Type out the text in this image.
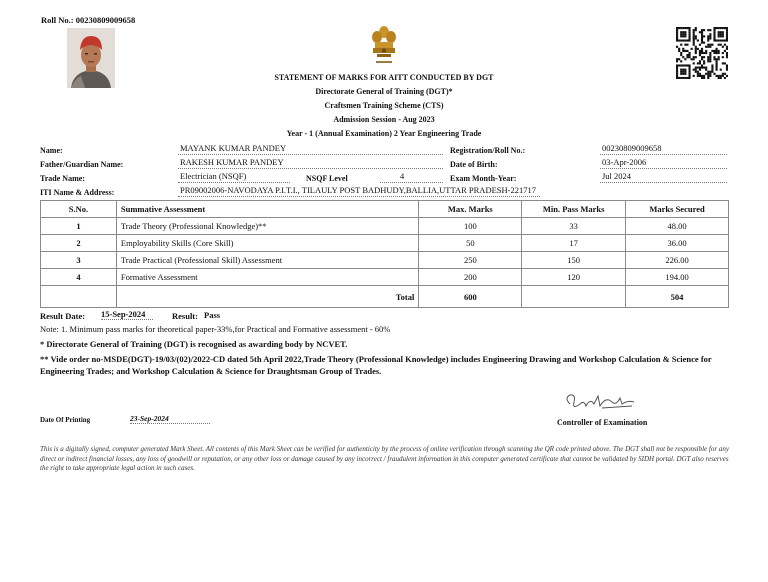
Roll No.: 00230809009658
STATEMENT OF MARKS FOR AITT CONDUCTED BY DGT
Directorate General of Training (DGT)*
Craftsmen Training Scheme (CTS)
Admission Session - Aug 2023
Year - 1 (Annual Examination) 2 Year Engineering Trade
Name:	MAYANK KUMAR PANDEY
Father/Guardian Name:	RAKESH KUMAR PANDEY
Trade Name:	Electrician (NSQF)	NSQF Level	4
ITI Name & Address:	PR09002006-NAVODAYA P.I.T.I., TILAULY POST BADHUDY,BALLIA,UTTAR PRADESH-221717
Registration/Roll No.:	00230809009658
Date of Birth:	03-Apr-2006
Exam Month-Year:	Jul 2024
S.No.	Summative Assessment	Max. Marks	Min. Pass Marks	Marks Secured
1	Trade Theory (Professional Knowledge)**	100	33	48.00
2	Employability Skills (Core Skill)	50	17	36.00
3	Trade Practical (Professional Skill) Assessment	250	150	226.00
4	Formative Assessment	200	120	194.00
	Total	600		504
Result Date: 15-Sep-2024	Result: Pass
Note: 1. Minimum pass marks for theoretical paper-33%,for Practical and Formative assessment - 60%
* Directorate General of Training (DGT) is recognised as awarding body by NCVET.
** Vide order no-MSDE(DGT)-19/03/(02)/2022-CD dated 5th April 2022,Trade Theory (Professional Knowledge) includes Engineering Drawing and Workshop Calculation & Science for Engineering Trades; and Workshop Calculation & Science for Draughtsman Group of Trades.
Date Of Printing	23-Sep-2024	Controller of Examination
This is a digitally signed, computer generated Mark Sheet. All contents of this Mark Sheet can be verified for authenticity by the process of online verification through scanning the QR code printed above. The DGT shall not be responsible for any direct or indirect financial losses, any loss of goodwill or reputation, or any other loss or damage caused by any incorrect / fraudulent information in this computer generated certificate that cannot be validated by SIDH portal. DGT also reserves the right to take appropriate legal action in such cases.
